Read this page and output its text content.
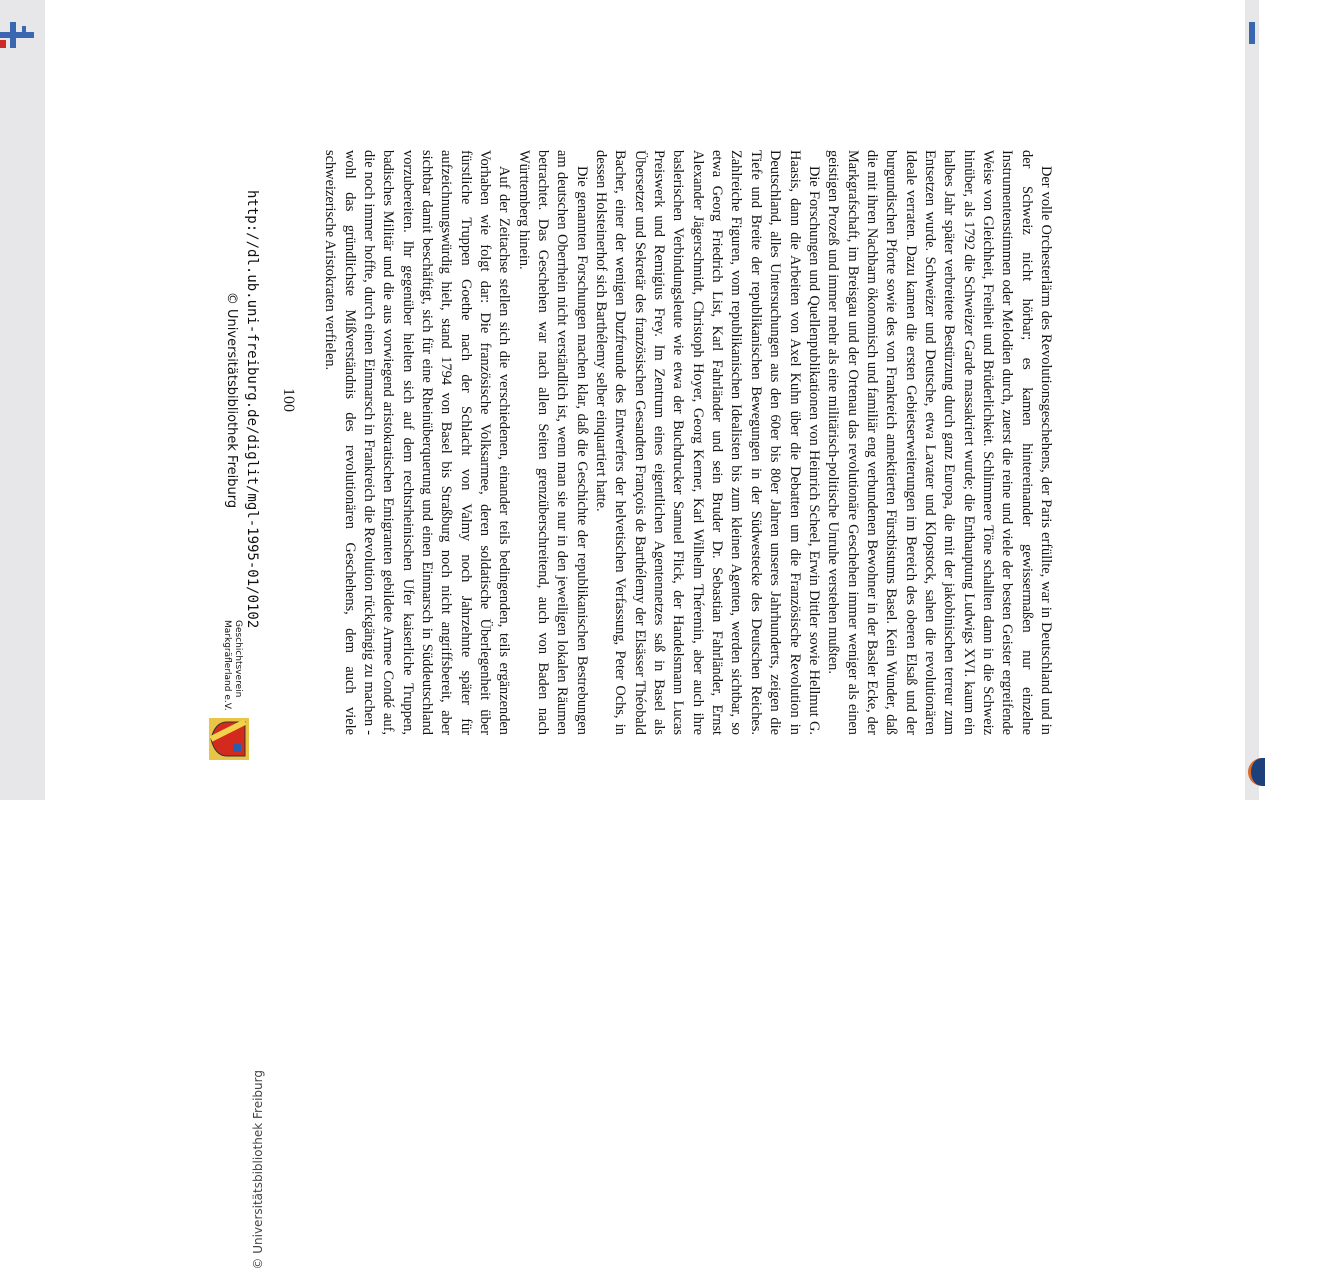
Der volle Orchesterlärm des Revolutionsgeschehens, der Paris erfüllte, war in Deutschland und in der Schweiz nicht hörbar; es kamen hintereinander gewissermaßen nur einzelne Instrumentenstimmen oder Melodien durch, zuerst die reine und viele der besten Geister ergreifende Weise von Gleichheit, Freiheit und Brüderlichkeit. Schlimmere Töne schallten dann in die Schweiz hinüber, als 1792 die Schweizer Garde massakriert wurde; die Enthauptung Ludwigs XVI. kaum ein halbes Jahr später verbreitete Bestürzung durch ganz Europa, die mit der jakobinischen terreur zum Entsetzen wurde. Schweizer und Deutsche, etwa Lavater und Klopstock, sahen die revolutionären Ideale verraten. Dazu kamen die ersten Gebietserweiterungen im Bereich des oberen Elsaß und der burgundischen Pforte sowie des von Frankreich annektierten Fürstbistums Basel. Kein Wunder, daß die mit ihren Nachbarn ökonomisch und familiär eng verbundenen Bewohner in der Basler Ecke, der Markgrafschaft, im Breisgau und der Ortenau das revolutionäre Geschehen immer weniger als einen geistigen Prozeß und immer mehr als eine militärisch-politische Unruhe verstehen mußten.

Die Forschungen und Quellenpublikationen von Heinrich Scheel, Erwin Dittler sowie Hellmut G. Haasis, dann die Arbeiten von Axel Kuhn über die Debatten um die Französische Revolution in Deutschland, alles Untersuchungen aus den 60er bis 80er Jahren unseres Jahrhunderts, zeigen die Tiefe und Breite der republikanischen Bewegungen in der Südwestecke des Deutschen Reiches. Zahlreiche Figuren, vom republikanischen Idealisten bis zum kleinen Agenten, werden sichtbar, so etwa Georg Friedrich List, Karl Fahrländer und sein Bruder Dr. Sebastian Fahrländer, Ernst Alexander Jägerschmidt, Christoph Hoyer, Georg Kerner, Karl Wilhelm Théremin, aber auch ihre baslerischen Verbindungsleute wie etwa der Buchdrucker Samuel Flick, der Handelsmann Lucas Preiswerk und Remigius Frey. Im Zentrum eines eigentlichen Agentennetzes saß in Basel als Übersetzer und Sekretär des französischen Gesandten François de Barthélemy der Elsässer Théobald Bacher, einer der wenigen Duzfreunde des Entwerfers der helvetischen Verfassung, Peter Ochs, in dessen Holsteinerhof sich Barthélemy selber einquartiert hatte.

Die genannten Forschungen machen klar, daß die Geschichte der republikanischen Bestrebungen am deutschen Oberrhein nicht verständlich ist, wenn man sie nur in den jeweiligen lokalen Räumen betrachtet. Das Geschehen war nach allen Seiten grenzüberschreitend, auch von Baden nach Württemberg hinein.

Auf der Zeitachse stellen sich die verschiedenen, einander teils bedingenden, teils ergänzenden Vorhaben wie folgt dar: Die französische Volksarmee, deren soldatische Überlegenheit über fürstliche Truppen Goethe nach der Schlacht von Valmy noch Jahrzehnte später für aufzeichnungswürdig hielt, stand 1794 von Basel bis Straßburg noch nicht angriffsbereit, aber sichtbar damit beschäftigt, sich für eine Rheinüberquerung und einen Einmarsch in Süddeutschland vorzubereiten. Ihr gegenüber hielten sich auf dem rechtsrheinischen Ufer kaiserliche Truppen, badisches Militär und die aus vorwiegend aristokratischen Emigranten gebildete Armee Condé auf, die noch immer hoffte, durch einen Einmarsch in Frankreich die Revolution rückgängig zu machen - wohl das gründlichste Mißverständnis des revolutionären Geschehens, dem auch viele schweizerische Aristokraten verfielen.

100
http://dl.ub.uni-freiburg.de/diglit/mgl-1995-01/0102
© Universitätsbibliothek Freiburg
Geschichtsverein
Markgräflerland e.V.
© Universitätsbibliothek Freiburg
